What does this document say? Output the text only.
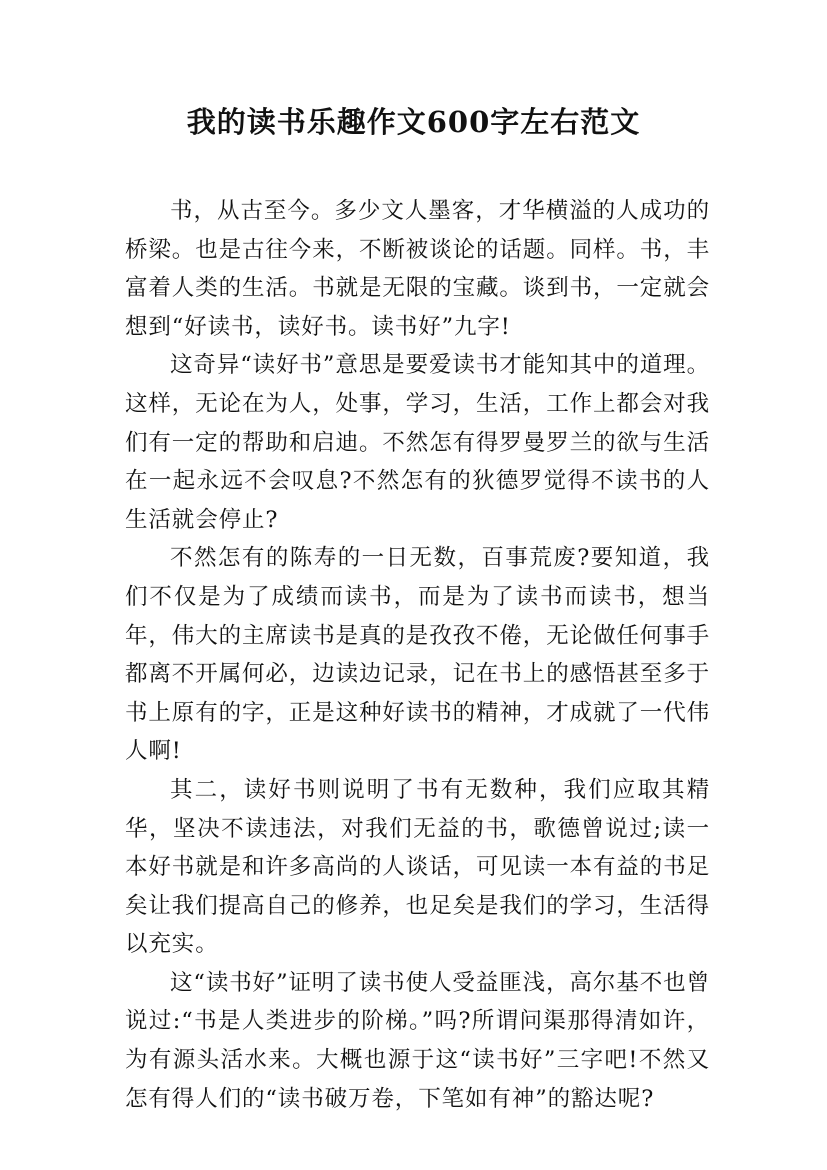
我的读书乐趣作文600字左右范文

书，从古至今。多少文人墨客，才华横溢的人成功的桥梁。也是古往今来，不断被谈论的话题。同样。书，丰富着人类的生活。书就是无限的宝藏。谈到书，一定就会想到“好读书，读好书。读书好”九字!

这奇异“读好书”意思是要爱读书才能知其中的道理。这样，无论在为人，处事，学习，生活，工作上都会对我们有一定的帮助和启迪。不然怎有得罗曼罗兰的欲与生活在一起永远不会叹息?不然怎有的狄德罗觉得不读书的人生活就会停止?

不然怎有的陈寿的一日无数，百事荒废?要知道，我们不仅是为了成绩而读书，而是为了读书而读书，想当年，伟大的主席读书是真的是孜孜不倦，无论做任何事手都离不开属何必，边读边记录，记在书上的感悟甚至多于书上原有的字，正是这种好读书的精神，才成就了一代伟人啊!

其二，读好书则说明了书有无数种，我们应取其精华，坚决不读违法，对我们无益的书，歌德曾说过;读一本好书就是和许多高尚的人谈话，可见读一本有益的书足矣让我们提高自己的修养，也足矣是我们的学习，生活得以充实。

这“读书好”证明了读书使人受益匪浅，高尔基不也曾说过:“书是人类进步的阶梯。”吗?所谓问渠那得清如许，为有源头活水来。大概也源于这“读书好”三字吧!不然又怎有得人们的“读书破万卷，下笔如有神”的豁达呢?
